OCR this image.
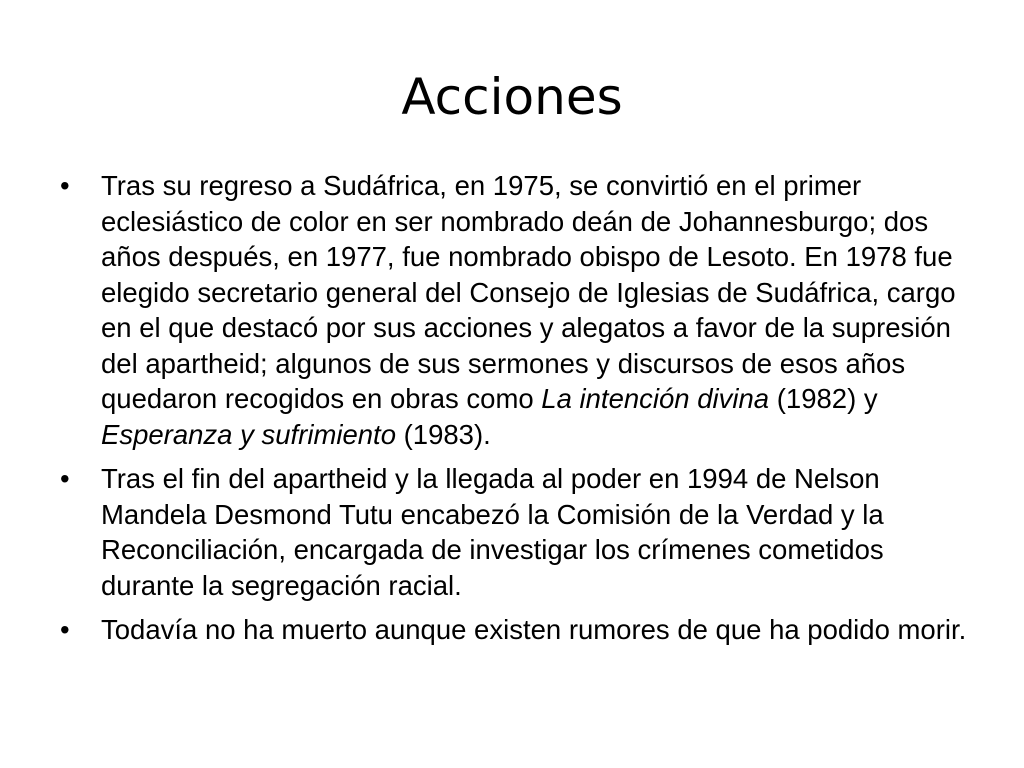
Acciones
•	Tras su regreso a Sudáfrica, en 1975, se convirtió en el primer eclesiástico de color en ser nombrado deán de Johannesburgo; dos años después, en 1977, fue nombrado obispo de Lesoto. En 1978 fue elegido secretario general del Consejo de Iglesias de Sudáfrica, cargo en el que destacó por sus acciones y alegatos a favor de la supresión del apartheid; algunos de sus sermones y discursos de esos años quedaron recogidos en obras como La intención divina (1982) y Esperanza y sufrimiento (1983).
•	Tras el fin del apartheid y la llegada al poder en 1994 de Nelson Mandela Desmond Tutu encabezó la Comisión de la Verdad y la Reconciliación, encargada de investigar los crímenes cometidos durante la segregación racial.
•	Todavía no ha muerto aunque existen rumores de que ha podido morir.
